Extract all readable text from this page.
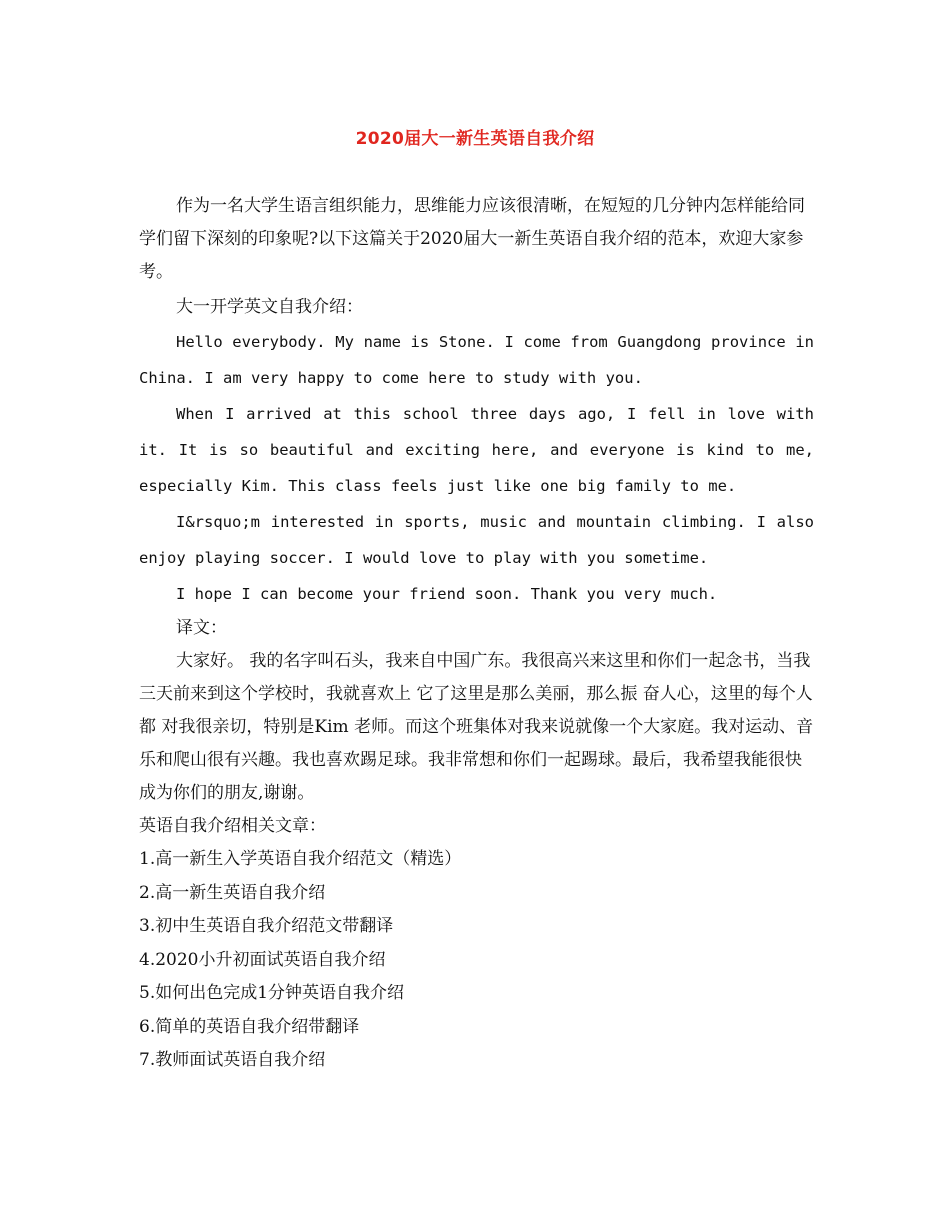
2020届大一新生英语自我介绍

作为一名大学生语言组织能力，思维能力应该很清晰，在短短的几分钟内怎样能给同学们留下深刻的印象呢?以下这篇关于2020届大一新生英语自我介绍的范本，欢迎大家参考。

大一开学英文自我介绍：

Hello everybody. My name is Stone. I come from Guangdong province in China. I am very happy to come here to study with you.

When I arrived at this school three days ago, I fell in love with it. It is so beautiful and exciting here, and everyone is kind to me, especially Kim. This class feels just like one big family to me.

I&rsquo;m interested in sports, music and mountain climbing. I also enjoy playing soccer. I would love to play with you sometime.

I hope I can become your friend soon. Thank you very much.

译文：

大家好。 我的名字叫石头，我来自中国广东。我很高兴来这里和你们一起念书，当我三天前来到这个学校时，我就喜欢上 它了这里是那么美丽，那么振 奋人心，这里的每个人都 对我很亲切，特别是Kim 老师。而这个班集体对我来说就像一个大家庭。我对运动、音乐和爬山很有兴趣。我也喜欢踢足球。我非常想和你们一起踢球。最后，我希望我能很快成为你们的朋友,谢谢。

英语自我介绍相关文章：

1.高一新生入学英语自我介绍范文（精选）

2.高一新生英语自我介绍

3.初中生英语自我介绍范文带翻译

4.2020小升初面试英语自我介绍

5.如何出色完成1分钟英语自我介绍

6.简单的英语自我介绍带翻译

7.教师面试英语自我介绍
